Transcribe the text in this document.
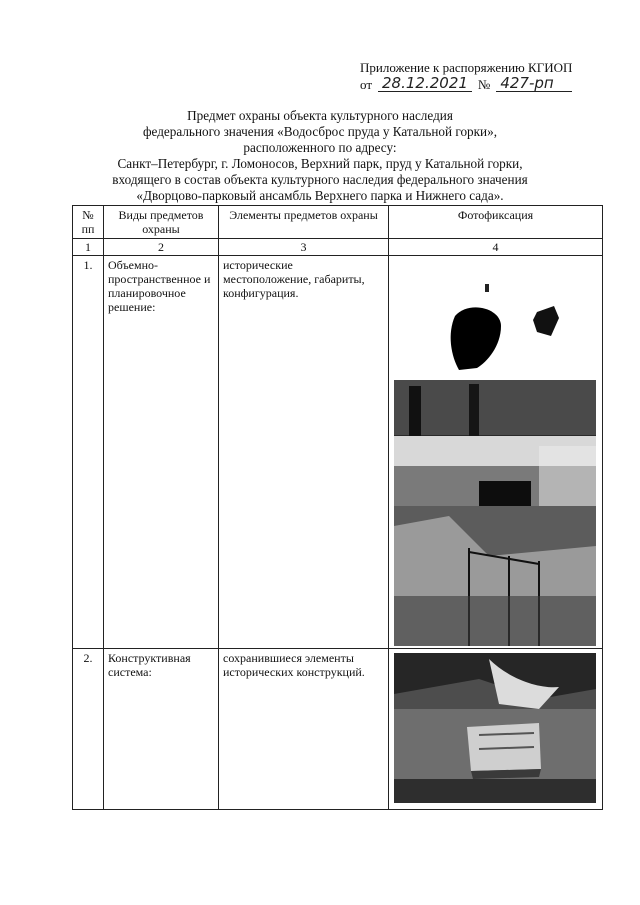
Приложение к распоряжению КГИОП
от 28.12.2021 № 427-рп
Предмет охраны объекта культурного наследия
федерального значения «Водосброс пруда у Катальной горки»,
расположенного по адресу:
Санкт–Петербург, г. Ломоносов, Верхний парк, пруд у Катальной горки,
входящего в состав объекта культурного наследия федерального значения
«Дворцово-парковый ансамбль Верхнего парка и Нижнего сада».
№ пп	Виды предметов охраны	Элементы предметов охраны	Фотофиксация
1	2	3	4
1.	Объемно-пространственное и планировочное решение:	исторические местоположение, габариты, конфигурация.	

2.	Конструктивная система:	сохранившиеся элементы исторических конструкций.	
